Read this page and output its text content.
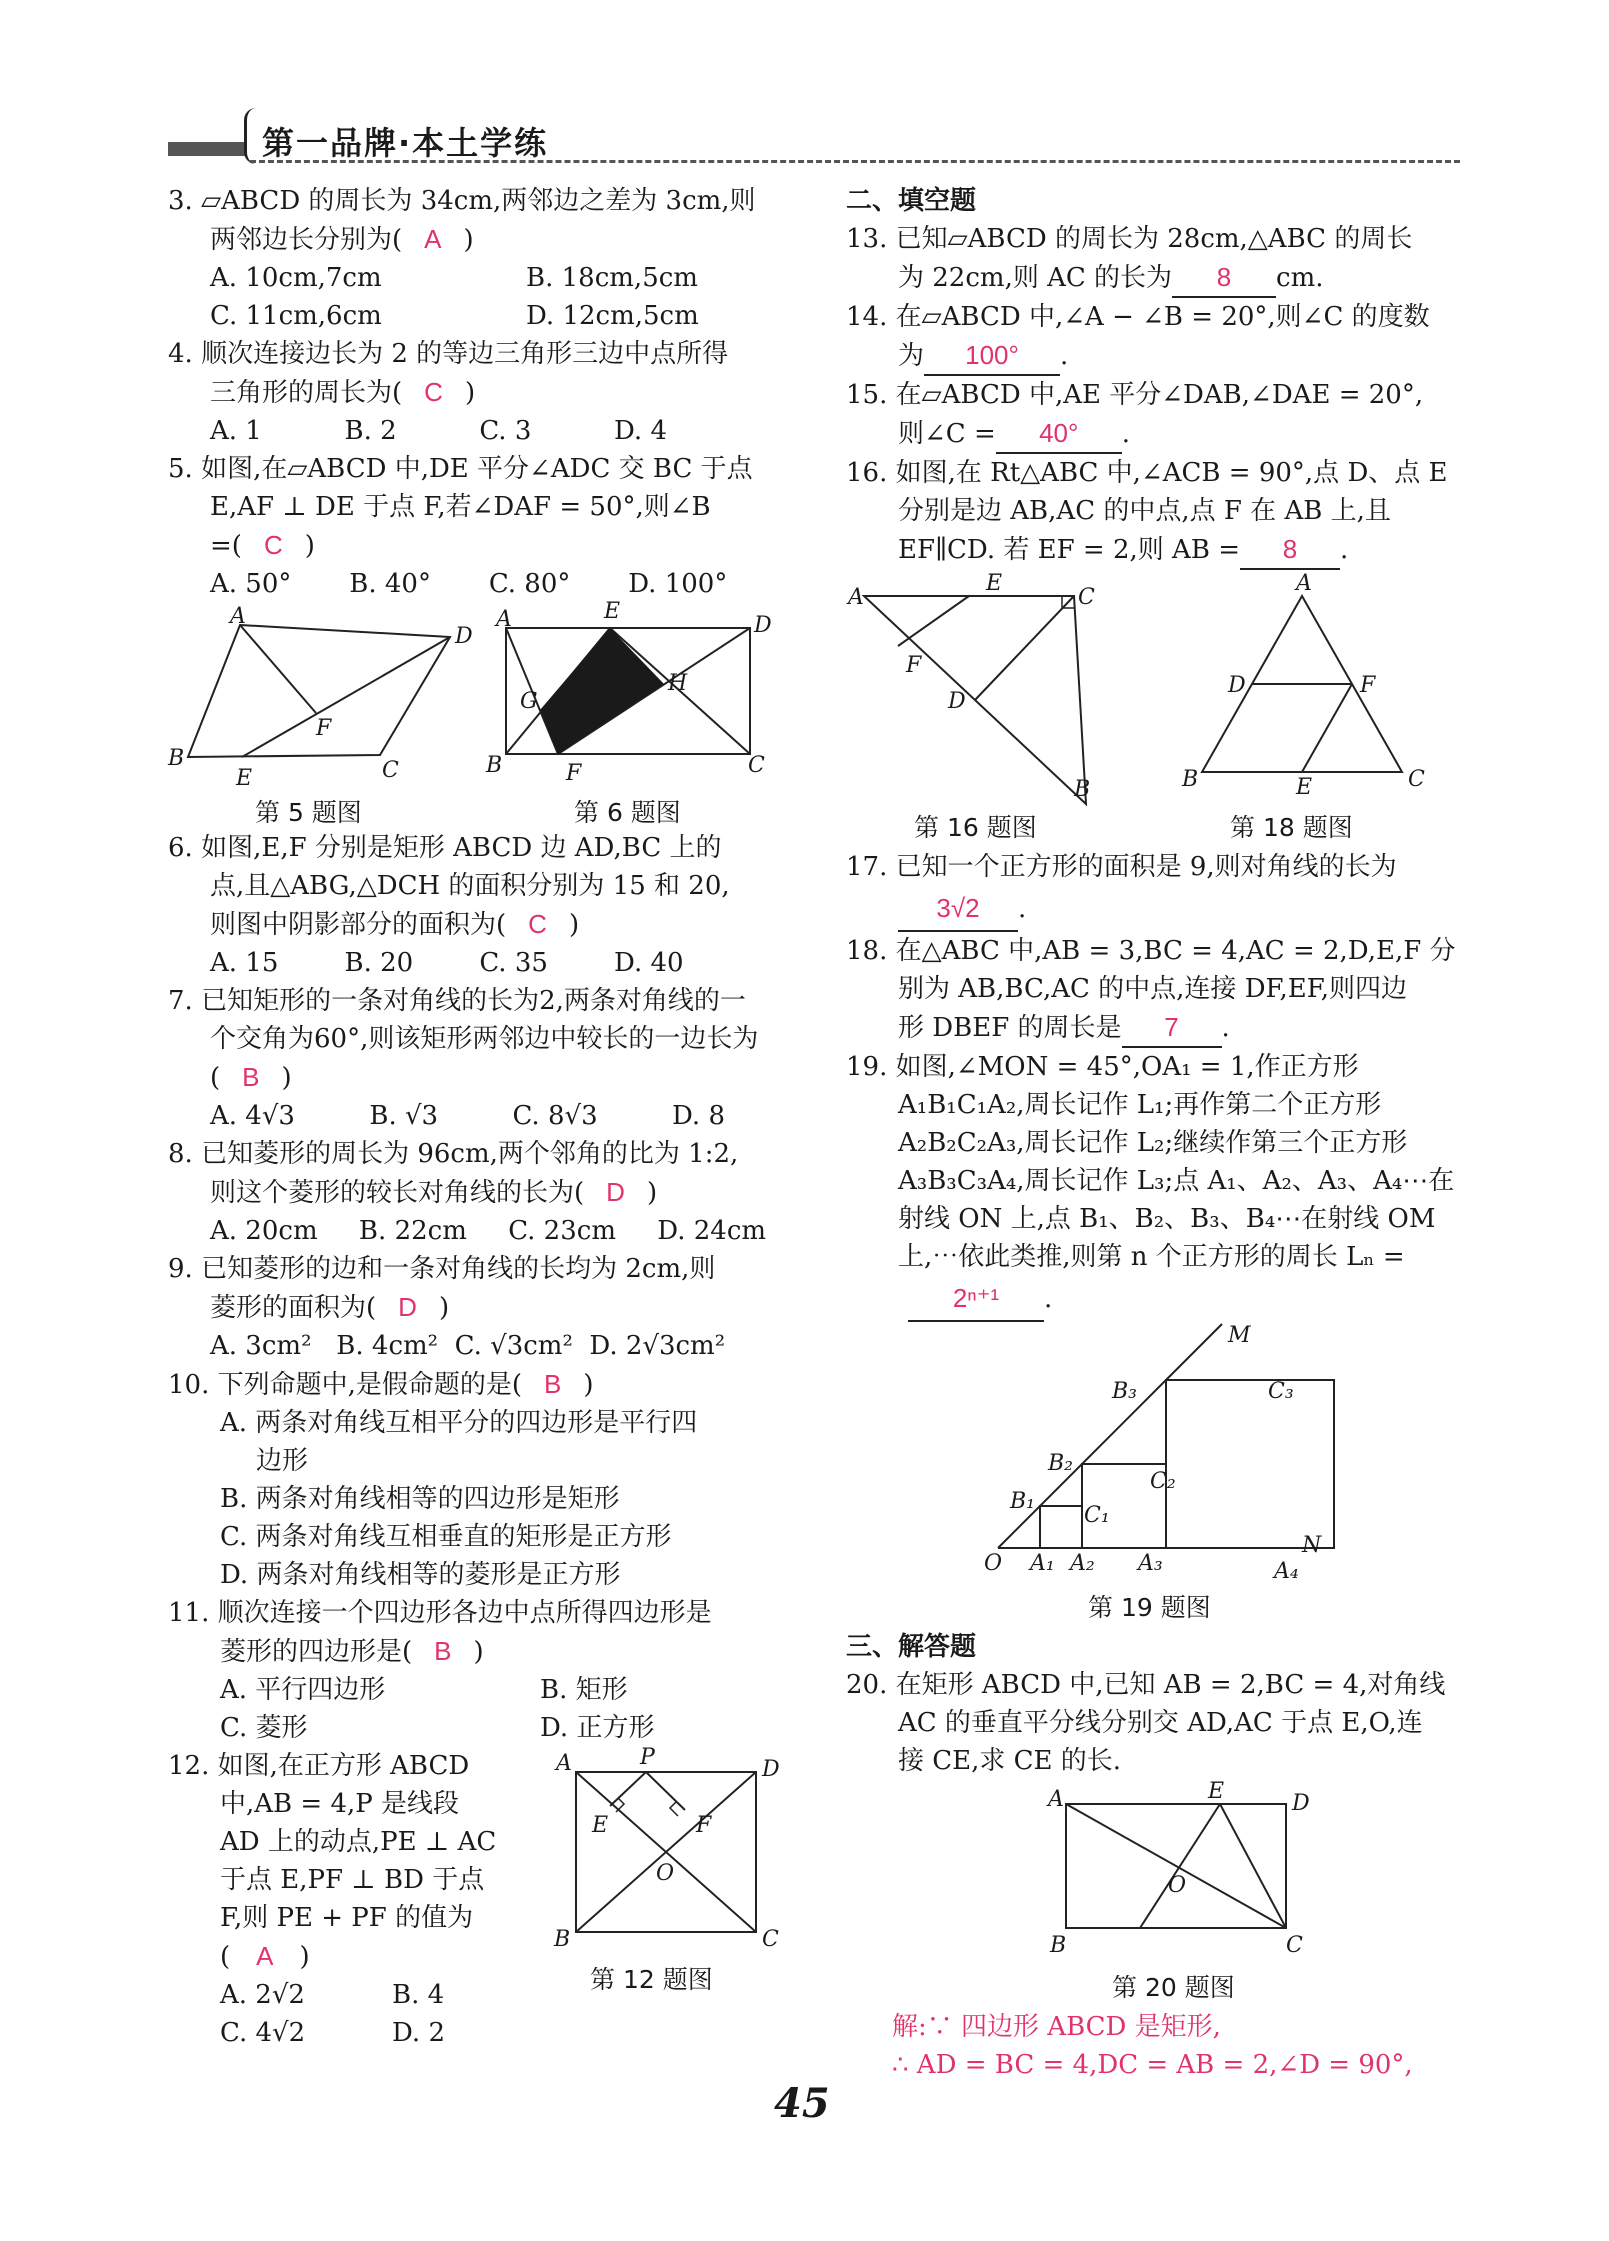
第一品牌·本土学练
3. ▱ABCD 的周长为 34cm,两邻边之差为 3cm,则
两邻边长分别为( A )
A. 10cm,7cm	B. 18cm,5cm
C. 11cm,6cm	D. 12cm,5cm
4. 顺次连接边长为 2 的等边三角形三边中点所得
三角形的周长为( C )
A. 1          B. 2          C. 3          D. 4
5. 如图,在▱ABCD 中,DE 平分∠ADC 交 BC 于点
E,AF ⊥ DE 于点 F,若∠DAF = 50°,则∠B
=( C )
A. 50°       B. 40°       C. 80°       D. 100°
A
D
B	C
E
F
第 5 题图
A	D
B	C
E
F
G
H
第 6 题图
6. 如图,E,F 分别是矩形 ABCD 边 AD,BC 上的
点,且△ABG,△DCH 的面积分别为 15 和 20,
则图中阴影部分的面积为( C )
A. 15        B. 20        C. 35        D. 40
7. 已知矩形的一条对角线的长为2,两条对角线的一
个交角为60°,则该矩形两邻边中较长的一边长为
( B )
A. 4√3         B. √3         C. 8√3         D. 8
8. 已知菱形的周长为 96cm,两个邻角的比为 1:2,
则这个菱形的较长对角线的长为( D )
A. 20cm     B. 22cm     C. 23cm     D. 24cm
9. 已知菱形的边和一条对角线的长均为 2cm,则
菱形的面积为( D )
A. 3cm²   B. 4cm²  C. √3cm²  D. 2√3cm²
10. 下列命题中,是假命题的是( B )
A. 两条对角线互相平分的四边形是平行四
边形
B. 两条对角线相等的四边形是矩形
C. 两条对角线互相垂直的矩形是正方形
D. 两条对角线相等的菱形是正方形
11. 顺次连接一个四边形各边中点所得四边形是
菱形的四边形是( B )
A. 平行四边形	B. 矩形
C. 菱形	D. 正方形
12. 如图,在正方形 ABCD
中,AB = 4,P 是线段
AD 上的动点,PE ⊥ AC
于点 E,PF ⊥ BD 于点
F,则 PE + PF 的值为
( A )
A. 2√2	B. 4
C. 4√2	D. 2
A	P	D
E	F
O
B	C
第 12 题图
二、填空题
13. 已知▱ABCD 的周长为 28cm,△ABC 的周长
为 22cm,则 AC 的长为 8 cm.
14. 在▱ABCD 中,∠A − ∠B = 20°,则∠C 的度数
为 100° .
15. 在▱ABCD 中,AE 平分∠DAB,∠DAE = 20°,
则∠C = 40° .
16. 如图,在 Rt△ABC 中,∠ACB = 90°,点 D、点 E
分别是边 AB,AC 的中点,点 F 在 AB 上,且
EF∥CD. 若 EF = 2,则 AB = 8 .
A
E
C
F
D
B
第 16 题图
A
D	F
B	E	C
第 18 题图
17. 已知一个正方形的面积是 9,则对角线的长为
3√2 .
18. 在△ABC 中,AB = 3,BC = 4,AC = 2,D,E,F 分
别为 AB,BC,AC 的中点,连接 DF,EF,则四边
形 DBEF 的周长是 7 .
19. 如图,∠MON = 45°,OA₁ = 1,作正方形
A₁B₁C₁A₂,周长记作 L₁;再作第二个正方形
A₂B₂C₂A₃,周长记作 L₂;继续作第三个正方形
A₃B₃C₃A₄,周长记作 L₃;点 A₁、A₂、A₃、A₄⋯在
射线 ON 上,点 B₁、B₂、B₃、B₄⋯在射线 OM
上,⋯依此类推,则第 n 个正方形的周长 Lₙ =
2ⁿ⁺¹ .
M
N
O A₁ A₂ A₃	A₄
B₁
B₂
B₃
C₁
C₂
C₃
第 19 题图
三、解答题
20. 在矩形 ABCD 中,已知 AB = 2,BC = 4,对角线
AC 的垂直平分线分别交 AD,AC 于点 E,O,连
接 CE,求 CE 的长.
A	E	D
O
B	C
第 20 题图
解:∵ 四边形 ABCD 是矩形,
∴ AD = BC = 4,DC = AB = 2,∠D = 90°,
45
